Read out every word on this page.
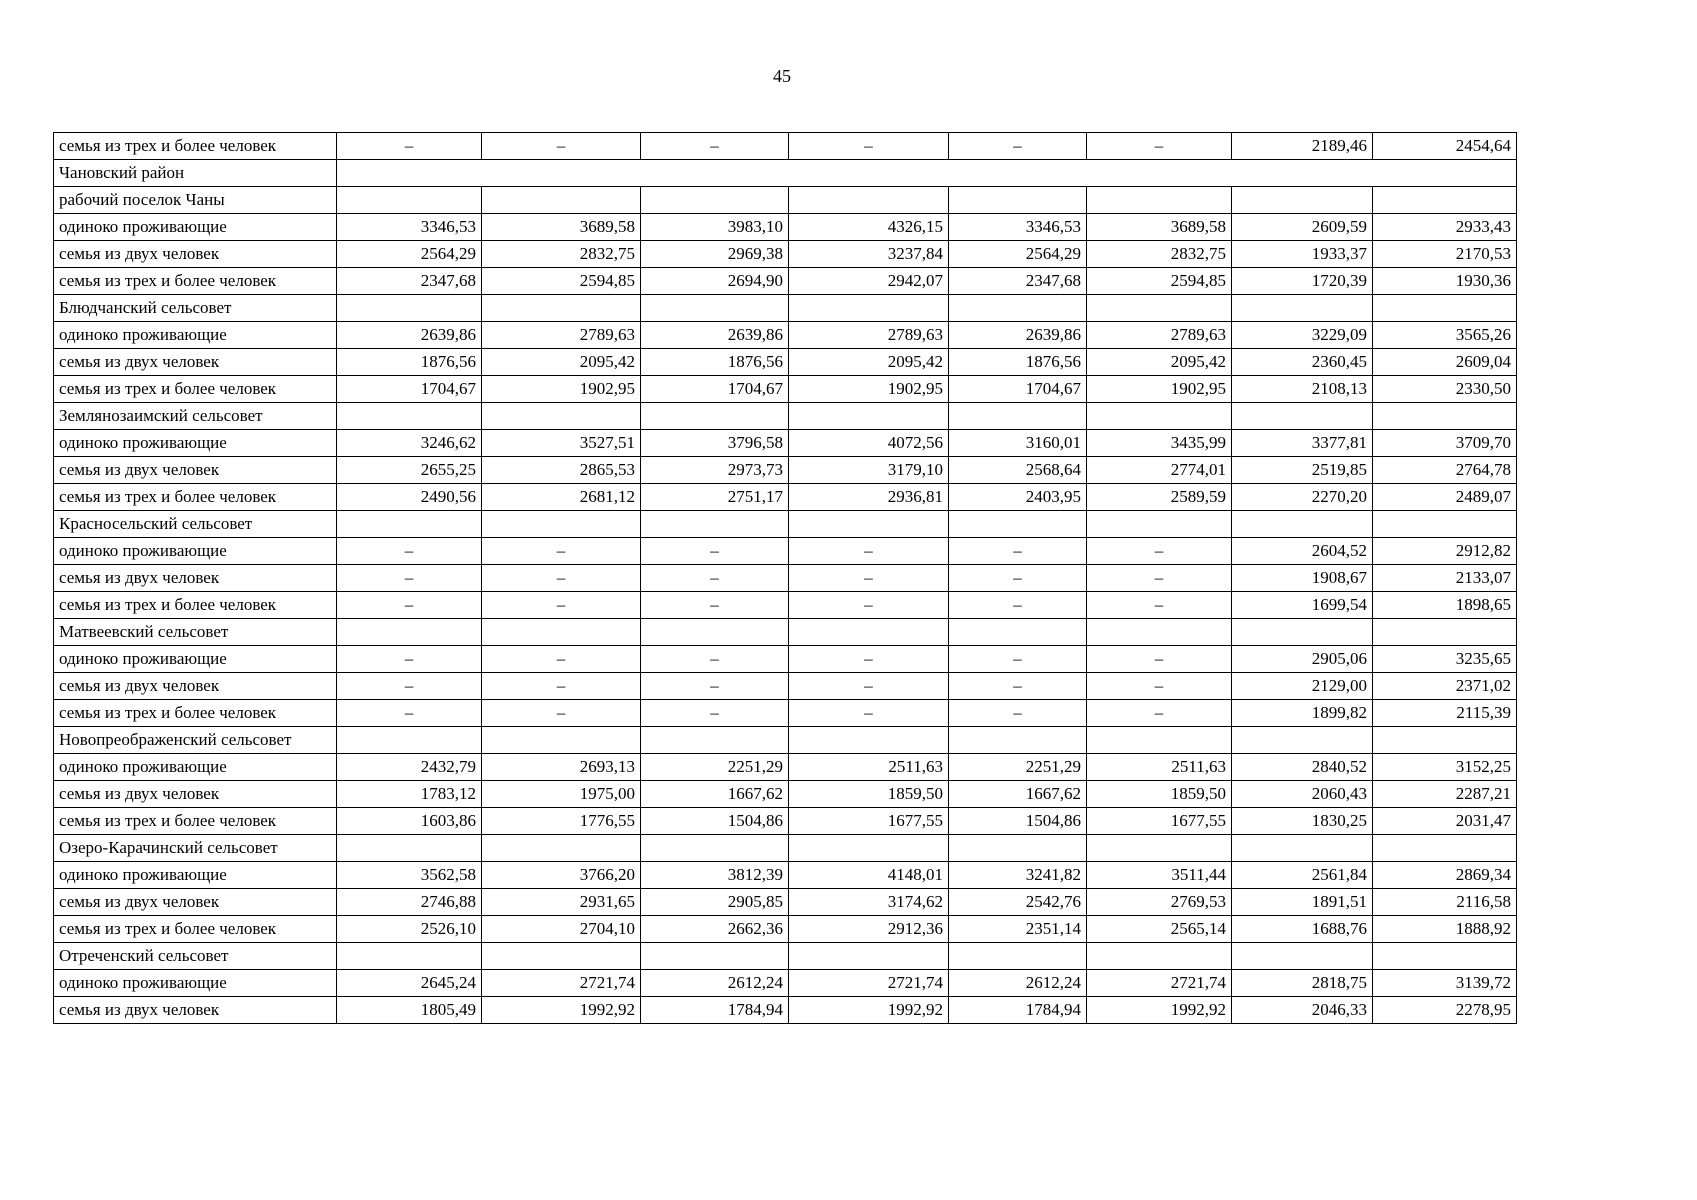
45
семья из трех и более человек	–	–	–	–	–	–	2189,46	2454,64
Чановский район								
рабочий поселок Чаны								
одиноко проживающие	3346,53	3689,58	3983,10	4326,15	3346,53	3689,58	2609,59	2933,43
семья из двух человек	2564,29	2832,75	2969,38	3237,84	2564,29	2832,75	1933,37	2170,53
семья из трех и более человек	2347,68	2594,85	2694,90	2942,07	2347,68	2594,85	1720,39	1930,36
Блюдчанский сельсовет								
одиноко проживающие	2639,86	2789,63	2639,86	2789,63	2639,86	2789,63	3229,09	3565,26
семья из двух человек	1876,56	2095,42	1876,56	2095,42	1876,56	2095,42	2360,45	2609,04
семья из трех и более человек	1704,67	1902,95	1704,67	1902,95	1704,67	1902,95	2108,13	2330,50
Землянозаимский сельсовет								
одиноко проживающие	3246,62	3527,51	3796,58	4072,56	3160,01	3435,99	3377,81	3709,70
семья из двух человек	2655,25	2865,53	2973,73	3179,10	2568,64	2774,01	2519,85	2764,78
семья из трех и более человек	2490,56	2681,12	2751,17	2936,81	2403,95	2589,59	2270,20	2489,07
Красносельский сельсовет								
одиноко проживающие	–	–	–	–	–	–	2604,52	2912,82
семья из двух человек	–	–	–	–	–	–	1908,67	2133,07
семья из трех и более человек	–	–	–	–	–	–	1699,54	1898,65
Матвеевский сельсовет								
одиноко проживающие	–	–	–	–	–	–	2905,06	3235,65
семья из двух человек	–	–	–	–	–	–	2129,00	2371,02
семья из трех и более человек	–	–	–	–	–	–	1899,82	2115,39
Новопреображенский сельсовет								
одиноко проживающие	2432,79	2693,13	2251,29	2511,63	2251,29	2511,63	2840,52	3152,25
семья из двух человек	1783,12	1975,00	1667,62	1859,50	1667,62	1859,50	2060,43	2287,21
семья из трех и более человек	1603,86	1776,55	1504,86	1677,55	1504,86	1677,55	1830,25	2031,47
Озеро-Карачинский сельсовет								
одиноко проживающие	3562,58	3766,20	3812,39	4148,01	3241,82	3511,44	2561,84	2869,34
семья из двух человек	2746,88	2931,65	2905,85	3174,62	2542,76	2769,53	1891,51	2116,58
семья из трех и более человек	2526,10	2704,10	2662,36	2912,36	2351,14	2565,14	1688,76	1888,92
Отреченский сельсовет								
одиноко проживающие	2645,24	2721,74	2612,24	2721,74	2612,24	2721,74	2818,75	3139,72
семья из двух человек	1805,49	1992,92	1784,94	1992,92	1784,94	1992,92	2046,33	2278,95
